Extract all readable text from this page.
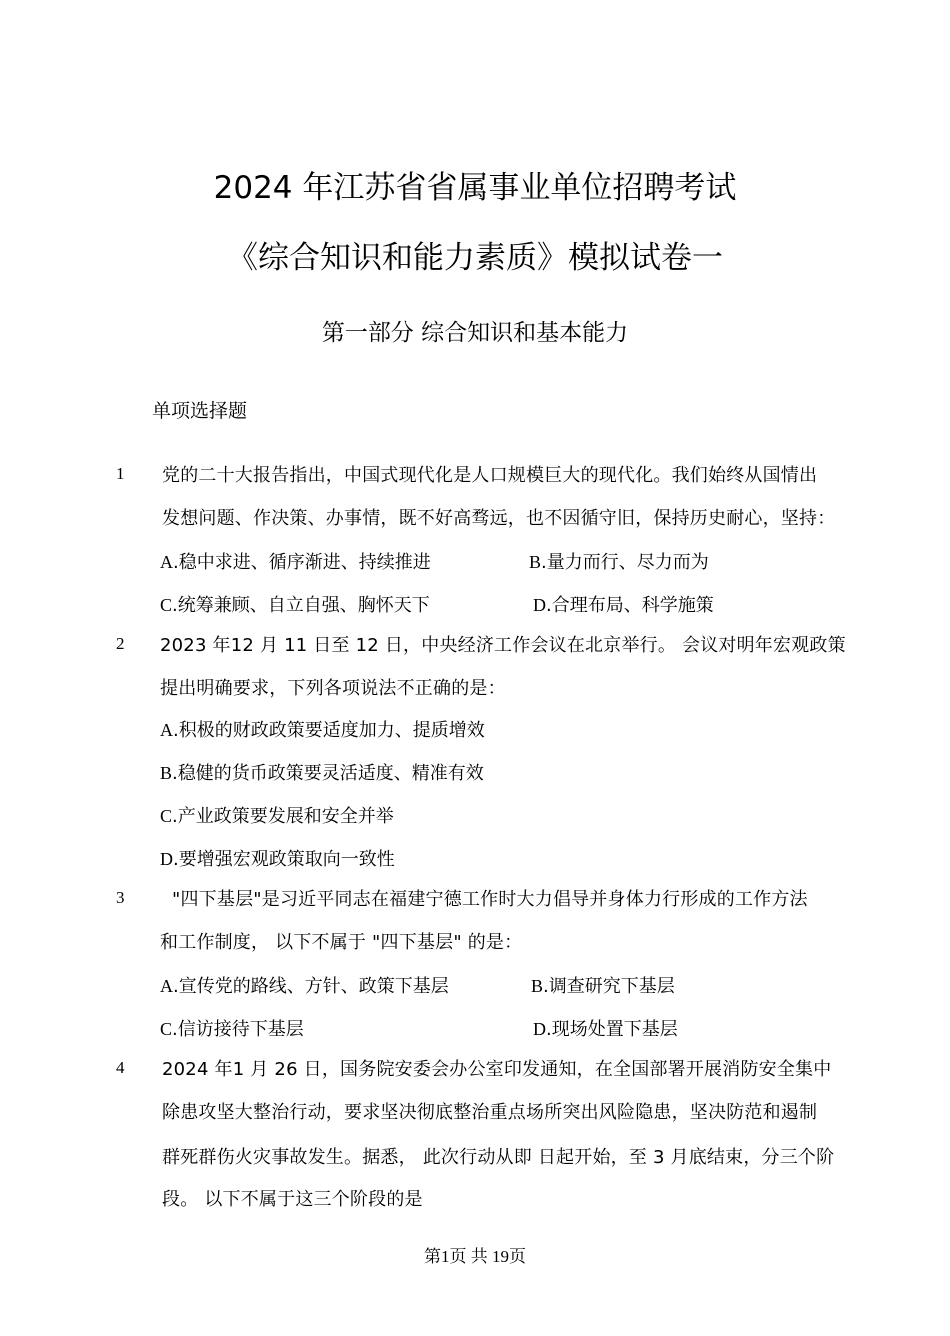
2024 年江苏省省属事业单位招聘考试
《综合知识和能力素质》模拟试卷一
第一部分 综合知识和基本能力
单项选择题
1 党的二十大报告指出，中国式现代化是人口规模巨大的现代化。我们始终从国情出
发想问题、作决策、办事情，既不好高骛远，也不因循守旧，保持历史耐心，坚持：
A.稳中求进、循序渐进、持续推进	B.量力而行、尽力而为
C.统筹兼顾、自立自强、胸怀天下	D.合理布局、科学施策
2 2023 年12 月 11 日至 12 日，中央经济工作会议在北京举行。 会议对明年宏观政策
提出明确要求，下列各项说法不正确的是：
A.积极的财政政策要适度加力、提质增效
B.稳健的货币政策要灵活适度、精准有效
C.产业政策要发展和安全并举
D.要增强宏观政策取向一致性
3	"四下基层"是习近平同志在福建宁德工作时大力倡导并身体力行形成的工作方法
和工作制度， 以下不属于 "四下基层" 的是：
A.宣传党的路线、方针、政策下基层	B.调查研究下基层
C.信访接待下基层	D.现场处置下基层
4 2024 年1 月 26 日，国务院安委会办公室印发通知，在全国部署开展消防安全集中
除患攻坚大整治行动，要求坚决彻底整治重点场所突出风险隐患，坚决防范和遏制
群死群伤火灾事故发生。据悉， 此次行动从即 日起开始，至 3 月底结束，分三个阶
段。 以下不属于这三个阶段的是
第1页 共 19页
